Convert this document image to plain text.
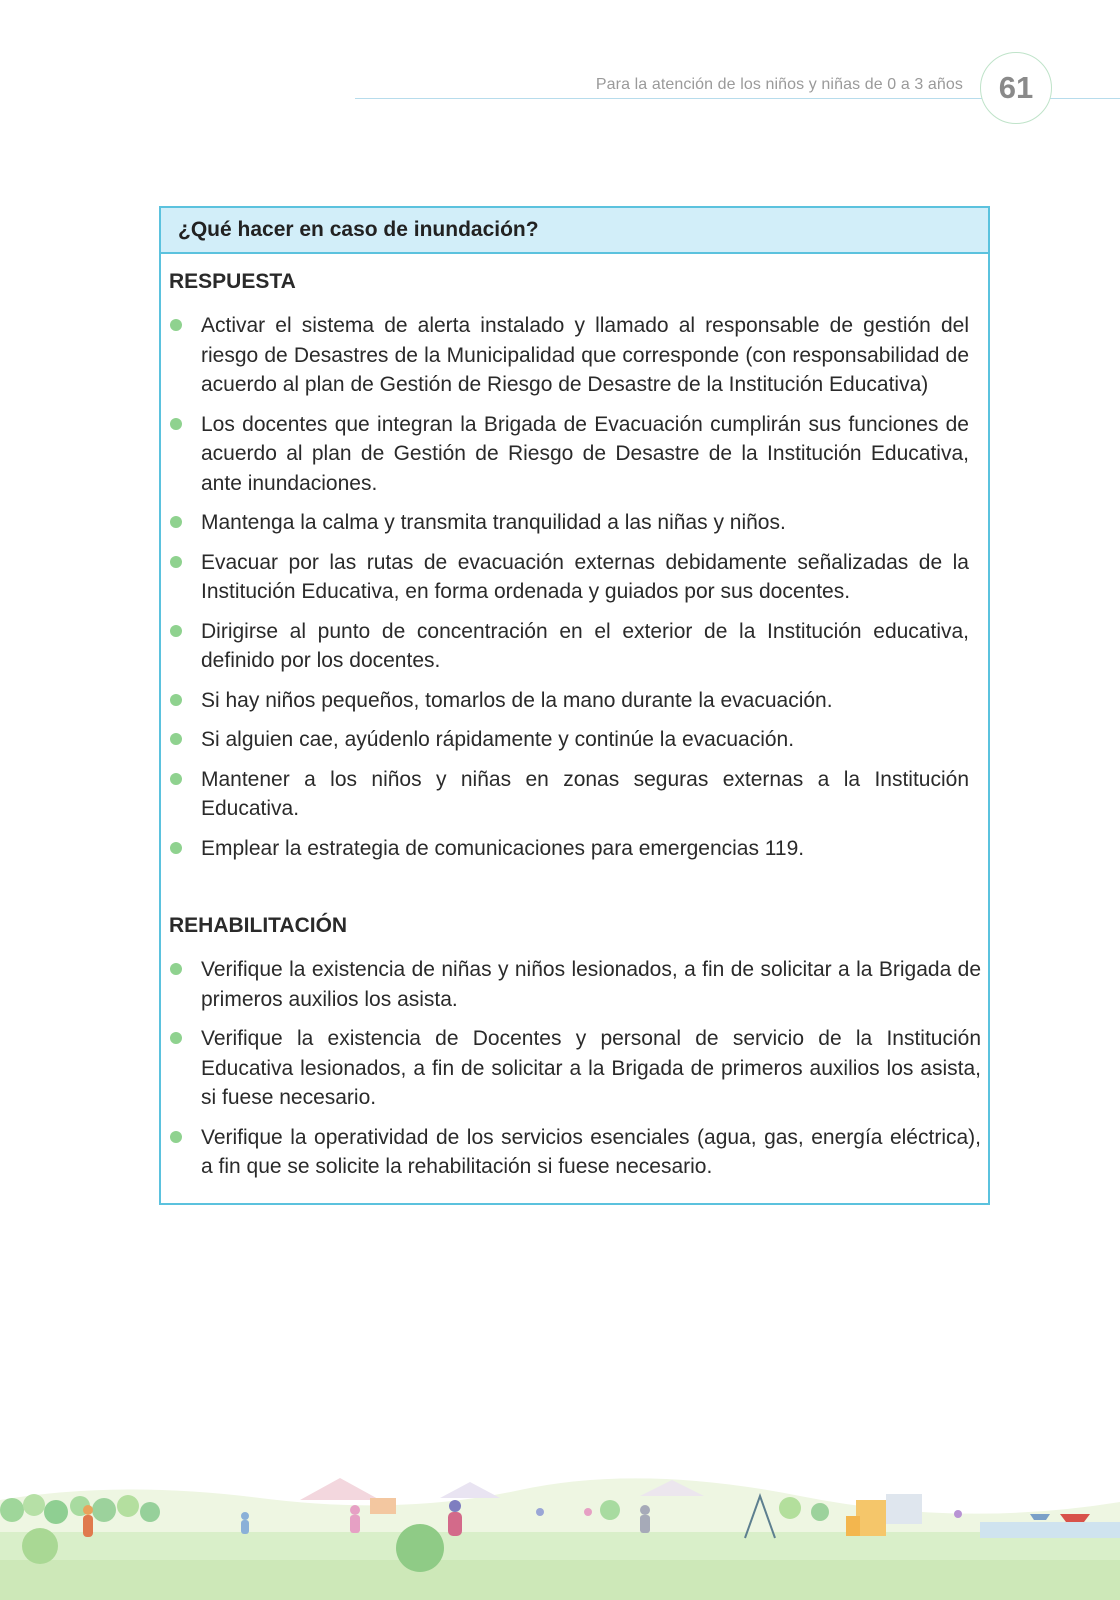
Para la atención de los niños y niñas de 0 a 3 años 61
¿Qué hacer en caso de inundación?
RESPUESTA
Activar el sistema de alerta instalado y llamado al responsable de gestión del riesgo de Desastres de la Municipalidad que corresponde (con responsabilidad de acuerdo al plan de Gestión de Riesgo de Desastre de la Institución Educativa)
Los docentes que integran la Brigada de Evacuación cumplirán sus funciones de acuerdo al plan de Gestión de Riesgo de Desastre de la Institución Educativa, ante inundaciones.
Mantenga la calma y transmita tranquilidad a las niñas y niños.
Evacuar por las rutas de evacuación externas debidamente señalizadas de la Institución Educativa, en forma ordenada y guiados por sus docentes.
Dirigirse al punto de concentración en el exterior de la Institución educativa, definido por los docentes.
Si hay niños pequeños, tomarlos de la mano durante la evacuación.
Si alguien cae, ayúdenlo rápidamente y continúe la evacuación.
Mantener a los niños y niñas en zonas seguras externas a la Institución Educativa.
Emplear la estrategia de comunicaciones para emergencias 119.
REHABILITACIÓN
Verifique la existencia de niñas y niños lesionados, a fin de solicitar a la Brigada de primeros auxilios los asista.
Verifique la existencia de Docentes y personal de servicio de la Institución Educativa lesionados, a fin de solicitar a la Brigada de primeros auxilios los asista, si fuese necesario.
Verifique la operatividad de los servicios esenciales (agua, gas, energía eléctrica), a fin que se solicite la rehabilitación si fuese necesario.
